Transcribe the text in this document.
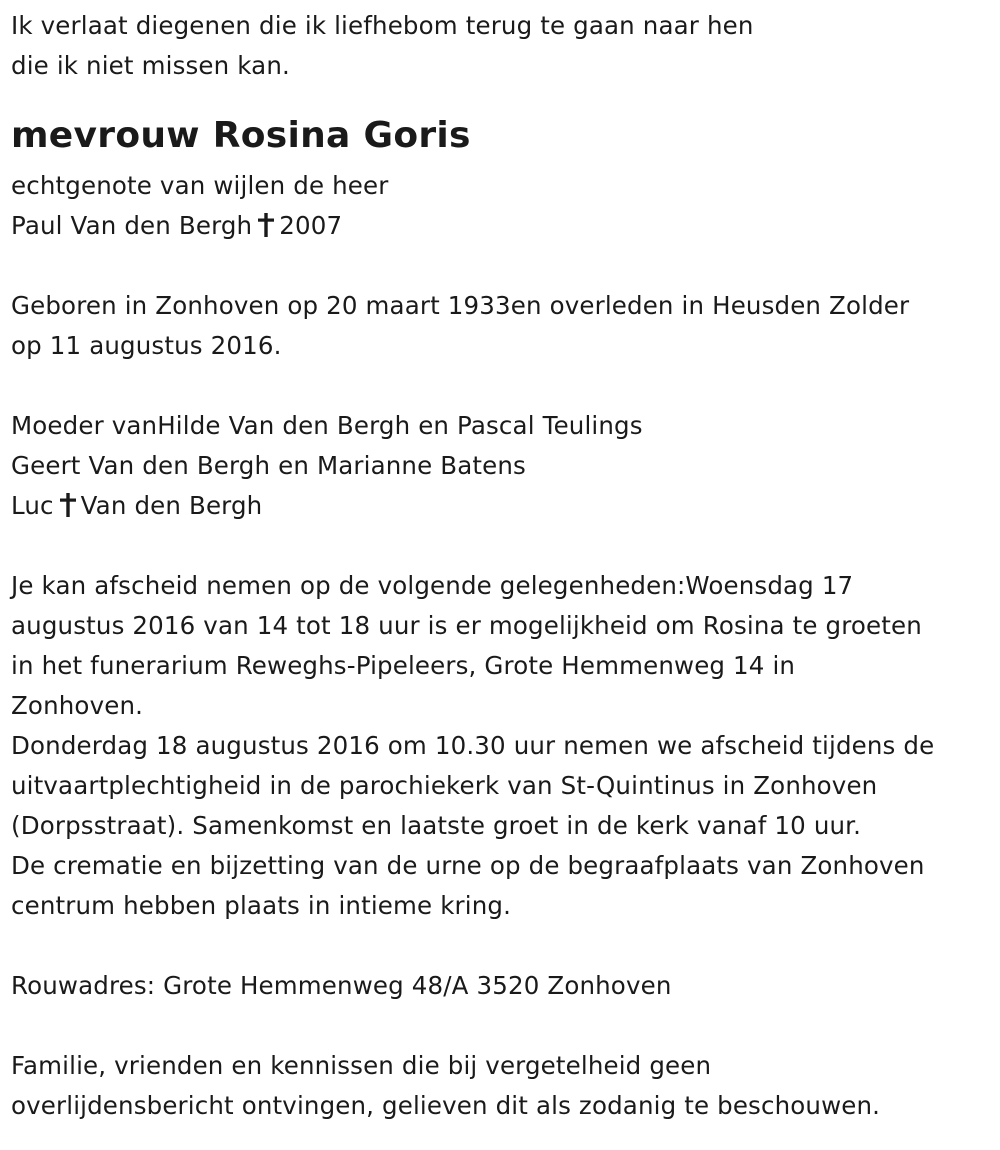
Ik verlaat diegenen die ik liefhebom terug te gaan naar hen
die ik niet missen kan.
mevrouw Rosina Goris
echtgenote van wijlen de heer
Paul Van den Bergh 2007
Geboren in Zonhoven op 20 maart 1933en overleden in Heusden Zolder
op 11 augustus 2016.
Moeder vanHilde Van den Bergh en Pascal Teulings
Geert Van den Bergh en Marianne Batens
Luc Van den Bergh
Je kan afscheid nemen op de volgende gelegenheden:Woensdag 17
augustus 2016 van 14 tot 18 uur is er mogelijkheid om Rosina te groeten
in het funerarium Reweghs-Pipeleers, Grote Hemmenweg 14 in
Zonhoven.
Donderdag 18 augustus 2016 om 10.30 uur nemen we afscheid tijdens de
uitvaartplechtigheid in de parochiekerk van St-Quintinus in Zonhoven
(Dorpsstraat). Samenkomst en laatste groet in de kerk vanaf 10 uur.
De crematie en bijzetting van de urne op de begraafplaats van Zonhoven
centrum hebben plaats in intieme kring.
Rouwadres: Grote Hemmenweg 48/A 3520 Zonhoven
Familie, vrienden en kennissen die bij vergetelheid geen
overlijdensbericht ontvingen, gelieven dit als zodanig te beschouwen.
